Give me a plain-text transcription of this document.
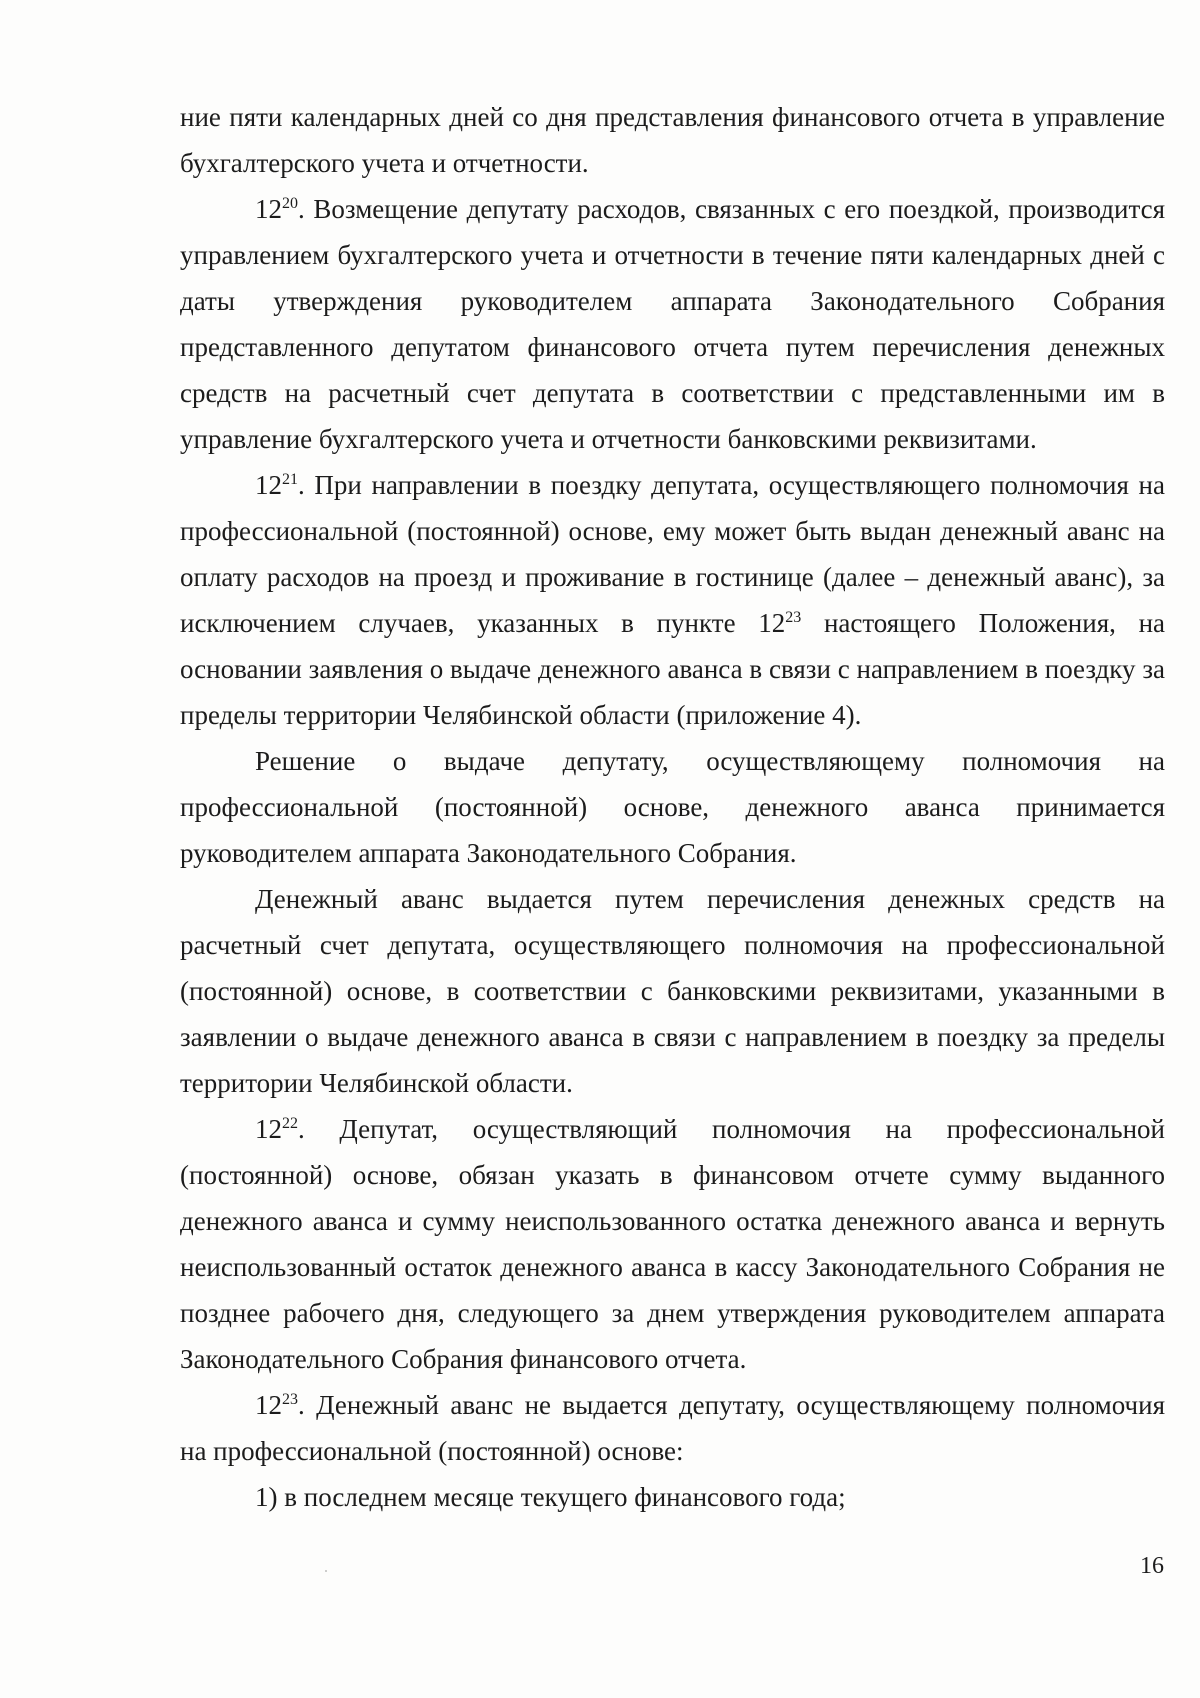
ние пяти календарных дней со дня представления финансового отчета в управление бухгалтерского учета и отчетности.

$12^{20}$. Возмещение депутату расходов, связанных с его поездкой, производится управлением бухгалтерского учета и отчетности в течение пяти календарных дней с даты утверждения руководителем аппарата Законодательного Собрания представленного депутатом финансового отчета путем перечисления денежных средств на расчетный счет депутата в соответствии с представленными им в управление бухгалтерского учета и отчетности банковскими реквизитами.

$12^{21}$. При направлении в поездку депутата, осуществляющего полномочия на профессиональной (постоянной) основе, ему может быть выдан денежный аванс на оплату расходов на проезд и проживание в гостинице (далее – денежный аванс), за исключением случаев, указанных в пункте $12^{23}$ настоящего Положения, на основании заявления о выдаче денежного аванса в связи с направлением в поездку за пределы территории Челябинской области (приложение 4).

Решение о выдаче депутату, осуществляющему полномочия на профессиональной (постоянной) основе, денежного аванса принимается руководителем аппарата Законодательного Собрания.

Денежный аванс выдается путем перечисления денежных средств на расчетный счет депутата, осуществляющего полномочия на профессиональной (постоянной) основе, в соответствии с банковскими реквизитами, указанными в заявлении о выдаче денежного аванса в связи с направлением в поездку за пределы территории Челябинской области.

$12^{22}$. Депутат, осуществляющий полномочия на профессиональной (постоянной) основе, обязан указать в финансовом отчете сумму выданного денежного аванса и сумму неиспользованного остатка денежного аванса и вернуть неиспользованный остаток денежного аванса в кассу Законодательного Собрания не позднее рабочего дня, следующего за днем утверждения руководителем аппарата Законодательного Собрания финансового отчета.

$12^{23}$. Денежный аванс не выдается депутату, осуществляющему полномочия на профессиональной (постоянной) основе:

1) в последнем месяце текущего финансового года;

16
